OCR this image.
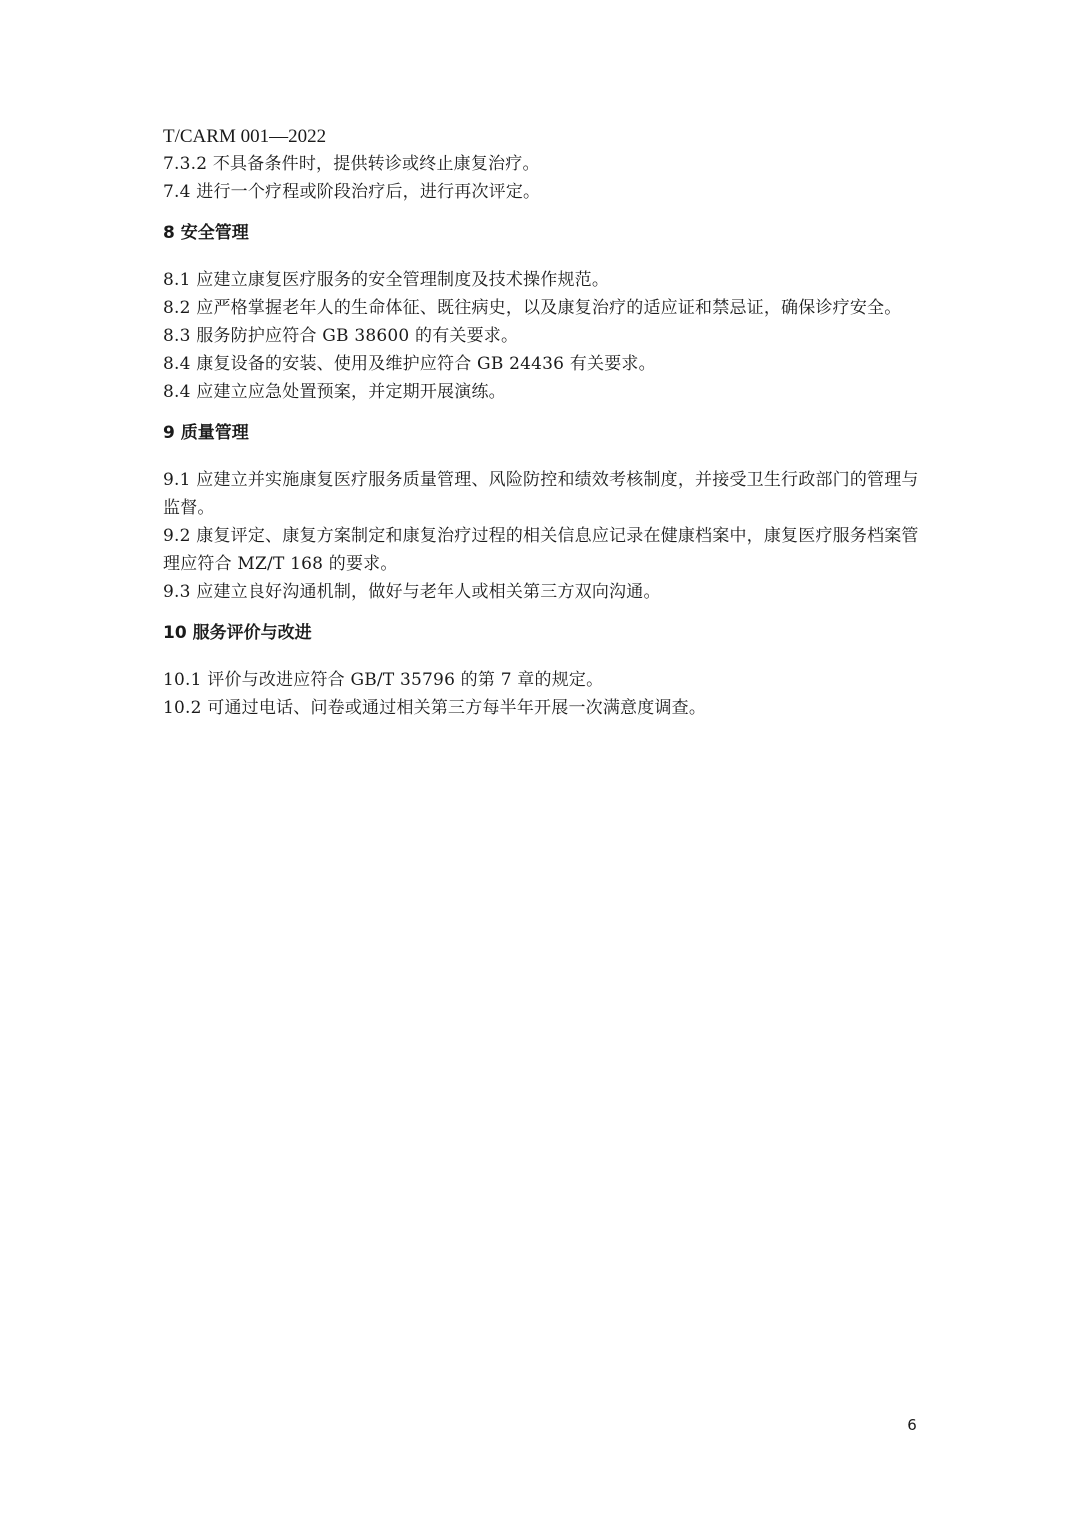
T/CARM 001—2022

7.3.2 不具备条件时，提供转诊或终止康复治疗。

7.4 进行一个疗程或阶段治疗后，进行再次评定。

8 安全管理

8.1 应建立康复医疗服务的安全管理制度及技术操作规范。

8.2 应严格掌握老年人的生命体征、既往病史，以及康复治疗的适应证和禁忌证，确保诊疗安全。

8.3 服务防护应符合 GB 38600 的有关要求。

8.4 康复设备的安装、使用及维护应符合 GB 24436 有关要求。

8.4 应建立应急处置预案，并定期开展演练。

9 质量管理

9.1 应建立并实施康复医疗服务质量管理、风险防控和绩效考核制度，并接受卫生行政部门的管理与监督。

9.2 康复评定、康复方案制定和康复治疗过程的相关信息应记录在健康档案中，康复医疗服务档案管理应符合 MZ/T 168 的要求。

9.3 应建立良好沟通机制，做好与老年人或相关第三方双向沟通。

10 服务评价与改进

10.1 评价与改进应符合 GB/T 35796 的第 7 章的规定。

10.2 可通过电话、问卷或通过相关第三方每半年开展一次满意度调查。

6
